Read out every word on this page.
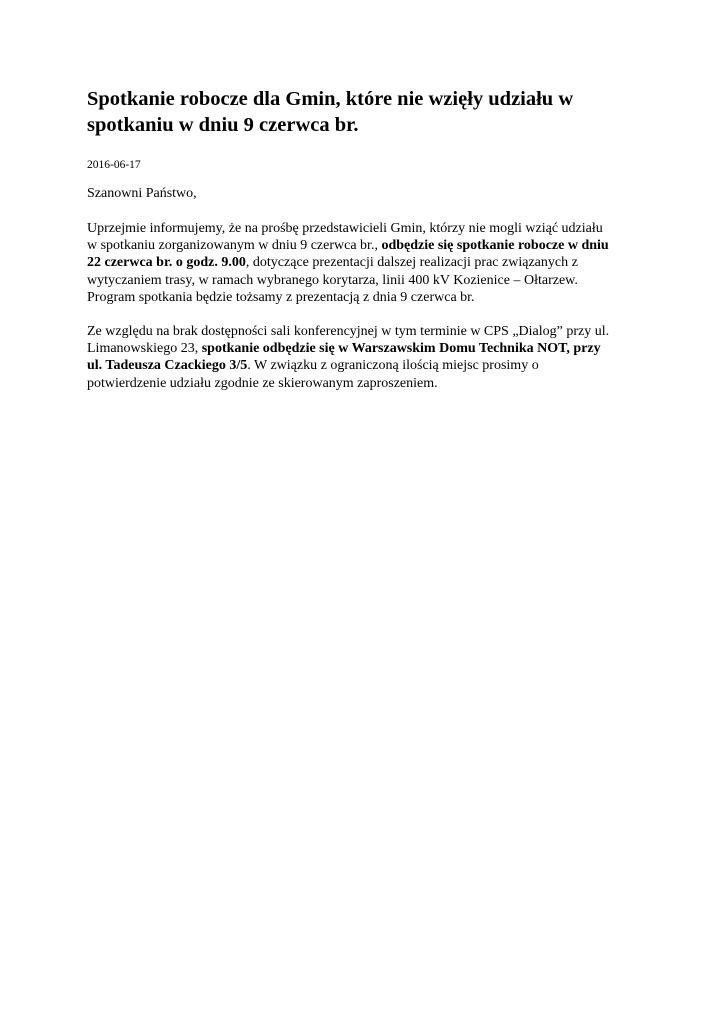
Spotkanie robocze dla Gmin, które nie wzięły udziału w
spotkaniu w dniu 9 czerwca br.
2016-06-17
Szanowni Państwo,

Uprzejmie informujemy, że na prośbę przedstawicieli Gmin, którzy nie mogli wziąć udziału
w spotkaniu zorganizowanym w dniu 9 czerwca br., odbędzie się spotkanie robocze w dniu
22 czerwca br. o godz. 9.00, dotyczące prezentacji dalszej realizacji prac związanych z
wytyczaniem trasy, w ramach wybranego korytarza, linii 400 kV Kozienice – Ołtarzew.
Program spotkania będzie tożsamy z prezentacją z dnia 9 czerwca br.

Ze względu na brak dostępności sali konferencyjnej w tym terminie w CPS „Dialog” przy ul.
Limanowskiego 23, spotkanie odbędzie się w Warszawskim Domu Technika NOT, przy
ul. Tadeusza Czackiego 3/5. W związku z ograniczoną ilością miejsc prosimy o
potwierdzenie udziału zgodnie ze skierowanym zaproszeniem.
